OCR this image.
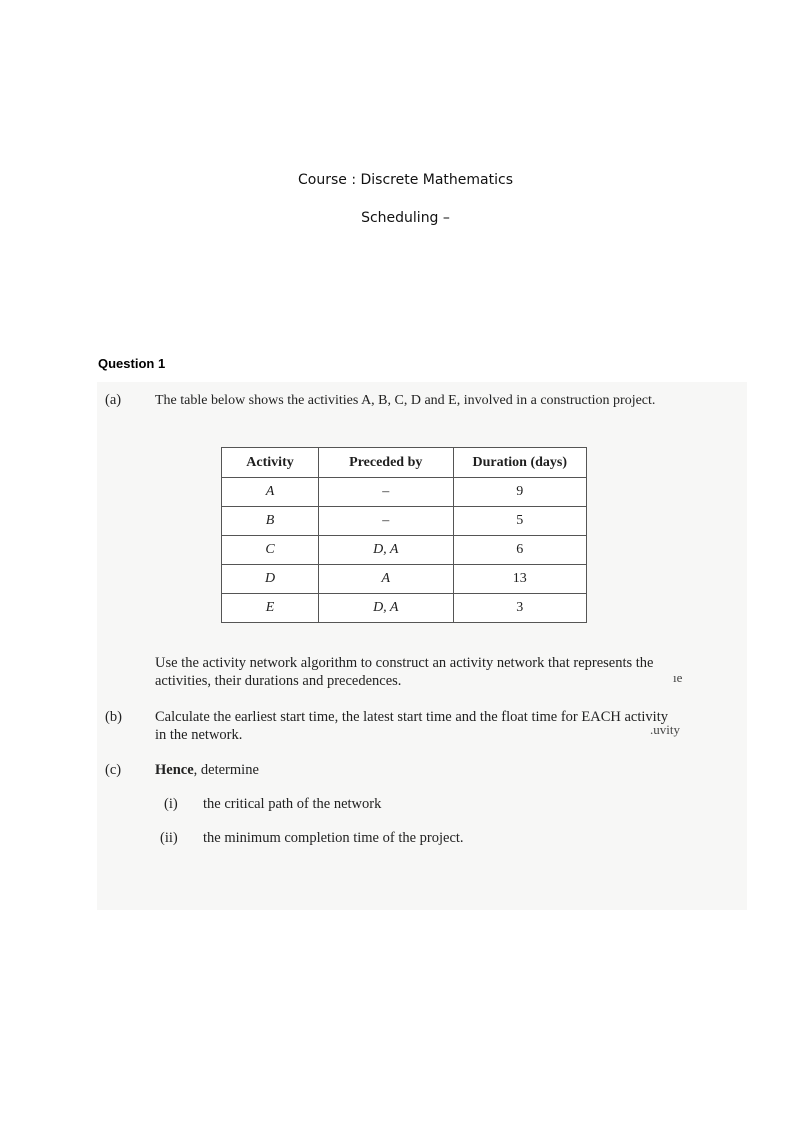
Course : Discrete Mathematics
Scheduling –
Question 1
(a) The table below shows the activities A, B, C, D and E, involved in a construction project.
Activity	Preceded by	Duration (days)
A	–	9
B	–	5
C	D, A	6
D	A	13
E	D, A	3
Use the activity network algorithm to construct an activity network that represents the
activities, their durations and precedences.	ıe
(b) Calculate the earliest start time, the latest start time and the float time for EACH activity
in the network.	.uvity
(c) Hence, determine
(i) the critical path of the network
(ii) the minimum completion time of the project.
